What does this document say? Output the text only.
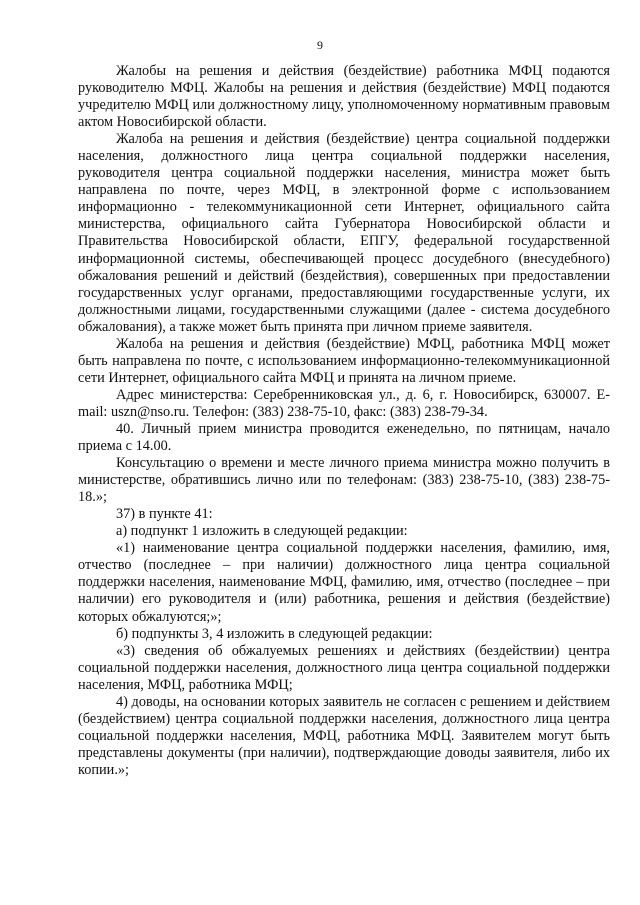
9

Жалобы на решения и действия (бездействие) работника МФЦ подаются руководителю МФЦ. Жалобы на решения и действия (бездействие) МФЦ подаются учредителю МФЦ или должностному лицу, уполномоченному нормативным правовым актом Новосибирской области.

Жалоба на решения и действия (бездействие) центра социальной поддержки населения, должностного лица центра социальной поддержки населения, руководителя центра социальной поддержки населения, министра может быть направлена по почте, через МФЦ, в электронной форме с использованием информационно - телекоммуникационной сети Интернет, официального сайта министерства, официального сайта Губернатора Новосибирской области и Правительства Новосибирской области, ЕПГУ, федеральной государственной информационной системы, обеспечивающей процесс досудебного (внесудебного) обжалования решений и действий (бездействия), совершенных при предоставлении государственных услуг органами, предоставляющими государственные услуги, их должностными лицами, государственными служащими (далее - система досудебного обжалования), а также может быть принята при личном приеме заявителя.

Жалоба на решения и действия (бездействие) МФЦ, работника МФЦ может быть направлена по почте, с использованием информационно-телекоммуникационной сети Интернет, официального сайта МФЦ и принята на личном приеме.

Адрес министерства: Серебренниковская ул., д. 6, г. Новосибирск, 630007. E-mail: uszn@nso.ru. Телефон: (383) 238-75-10, факс: (383) 238-79-34.

40. Личный прием министра проводится еженедельно, по пятницам, начало приема с 14.00.

Консультацию о времени и месте личного приема министра можно получить в министерстве, обратившись лично или по телефонам: (383) 238-75-10, (383) 238-75-18.»;

37) в пункте 41:

а) подпункт 1 изложить в следующей редакции:

«1) наименование центра социальной поддержки населения, фамилию, имя, отчество (последнее – при наличии) должностного лица центра социальной поддержки населения, наименование МФЦ, фамилию, имя, отчество (последнее – при наличии) его руководителя и (или) работника, решения и действия (бездействие) которых обжалуются;»;

б) подпункты 3, 4 изложить в следующей редакции:

«3) сведения об обжалуемых решениях и действиях (бездействии) центра социальной поддержки населения, должностного лица центра социальной поддержки населения, МФЦ, работника МФЦ;

4) доводы, на основании которых заявитель не согласен с решением и действием (бездействием) центра социальной поддержки населения, должностного лица центра социальной поддержки населения, МФЦ, работника МФЦ. Заявителем могут быть представлены документы (при наличии), подтверждающие доводы заявителя, либо их копии.»;
